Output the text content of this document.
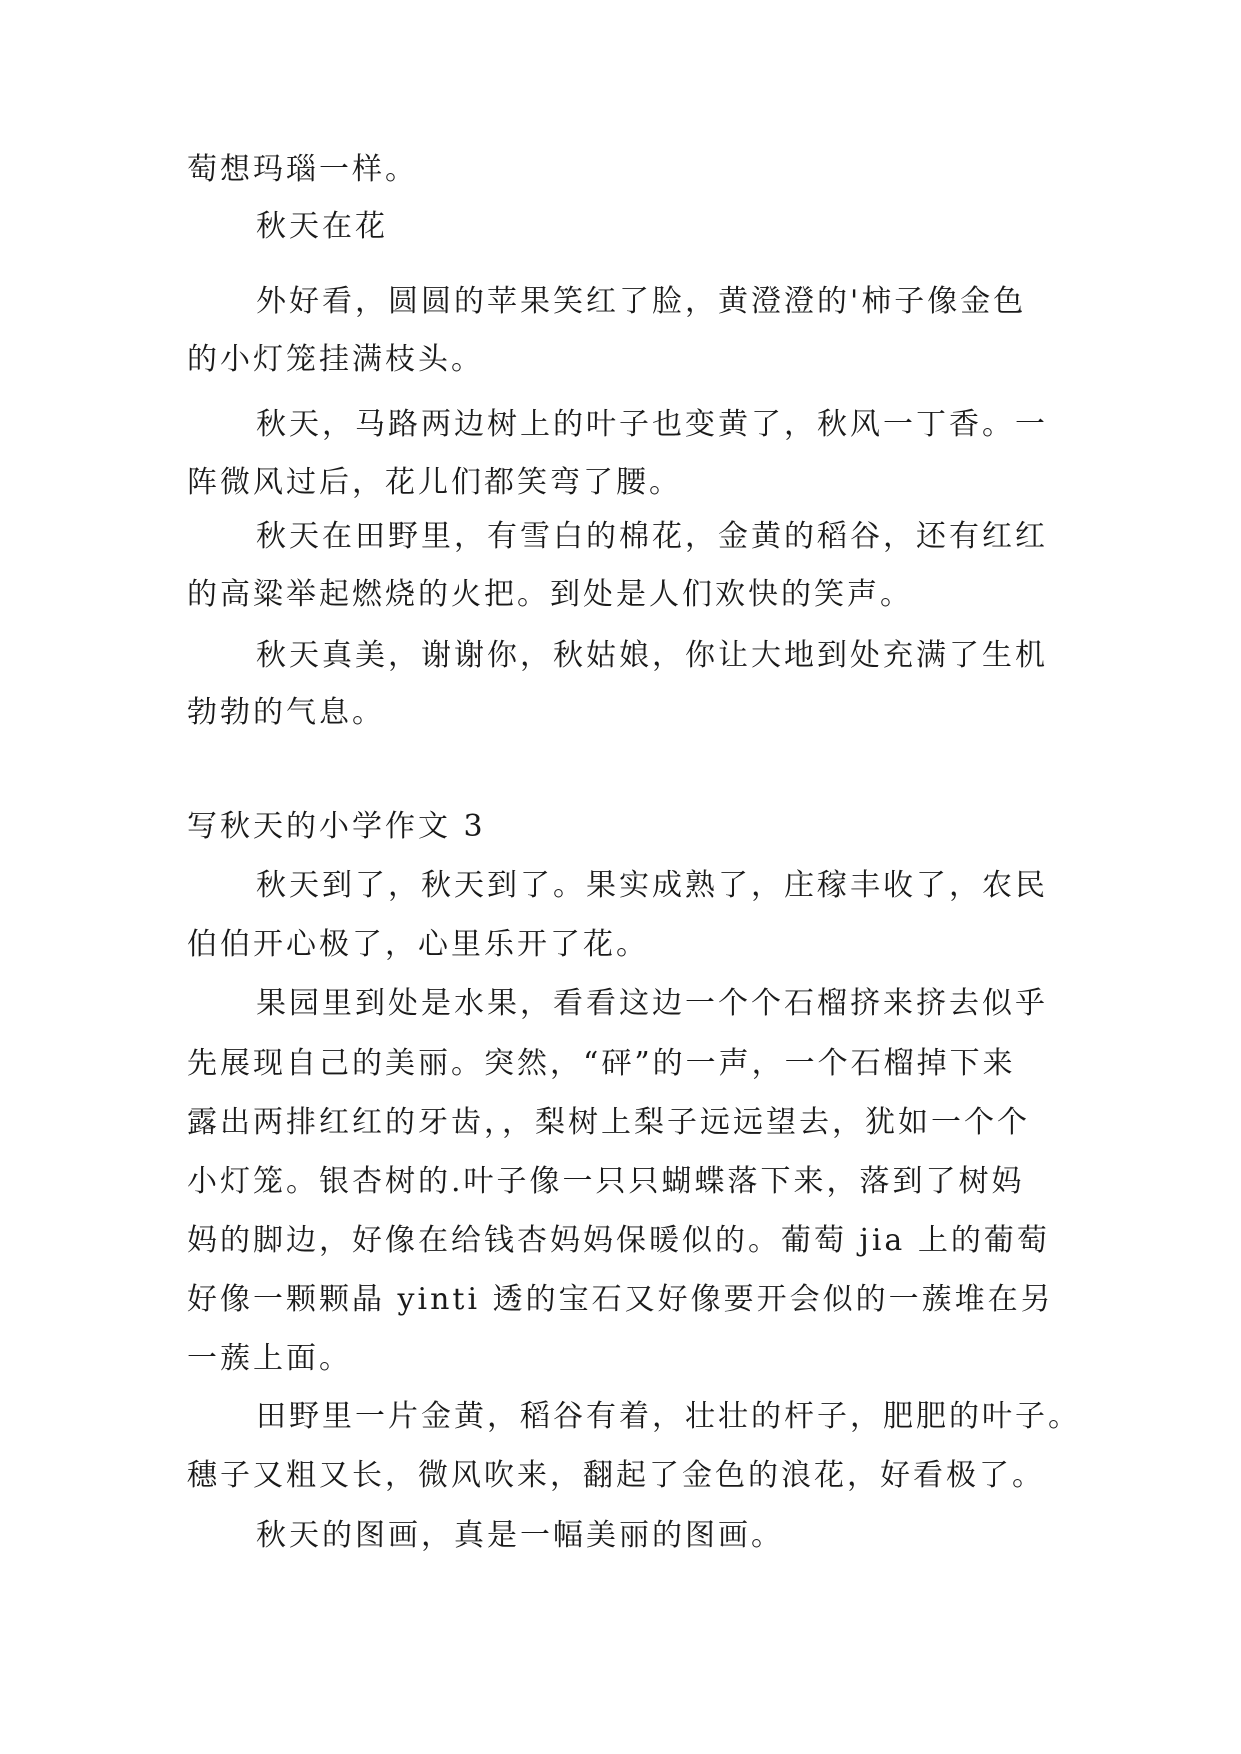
萄想玛瑙一样。
秋天在花
外好看，圆圆的苹果笑红了脸，黄澄澄的'柿子像金色
的小灯笼挂满枝头。
秋天，马路两边树上的叶子也变黄了，秋风一丁香。一
阵微风过后，花儿们都笑弯了腰。
秋天在田野里，有雪白的棉花，金黄的稻谷，还有红红
的高粱举起燃烧的火把。到处是人们欢快的笑声。
秋天真美，谢谢你，秋姑娘，你让大地到处充满了生机
勃勃的气息。
写秋天的小学作文 3
秋天到了，秋天到了。果实成熟了，庄稼丰收了，农民
伯伯开心极了，心里乐开了花。
果园里到处是水果，看看这边一个个石榴挤来挤去似乎
先展现自己的美丽。突然，“砰”的一声，一个石榴掉下来
露出两排红红的牙齿，，梨树上梨子远远望去，犹如一个个
小灯笼。银杏树的.叶子像一只只蝴蝶落下来，落到了树妈
妈的脚边，好像在给钱杏妈妈保暖似的。葡萄 jia 上的葡萄
好像一颗颗晶 yinti 透的宝石又好像要开会似的一蔟堆在另
一蔟上面。
田野里一片金黄，稻谷有着，壮壮的杆子，肥肥的叶子。
穗子又粗又长，微风吹来，翻起了金色的浪花，好看极了。
秋天的图画，真是一幅美丽的图画。
